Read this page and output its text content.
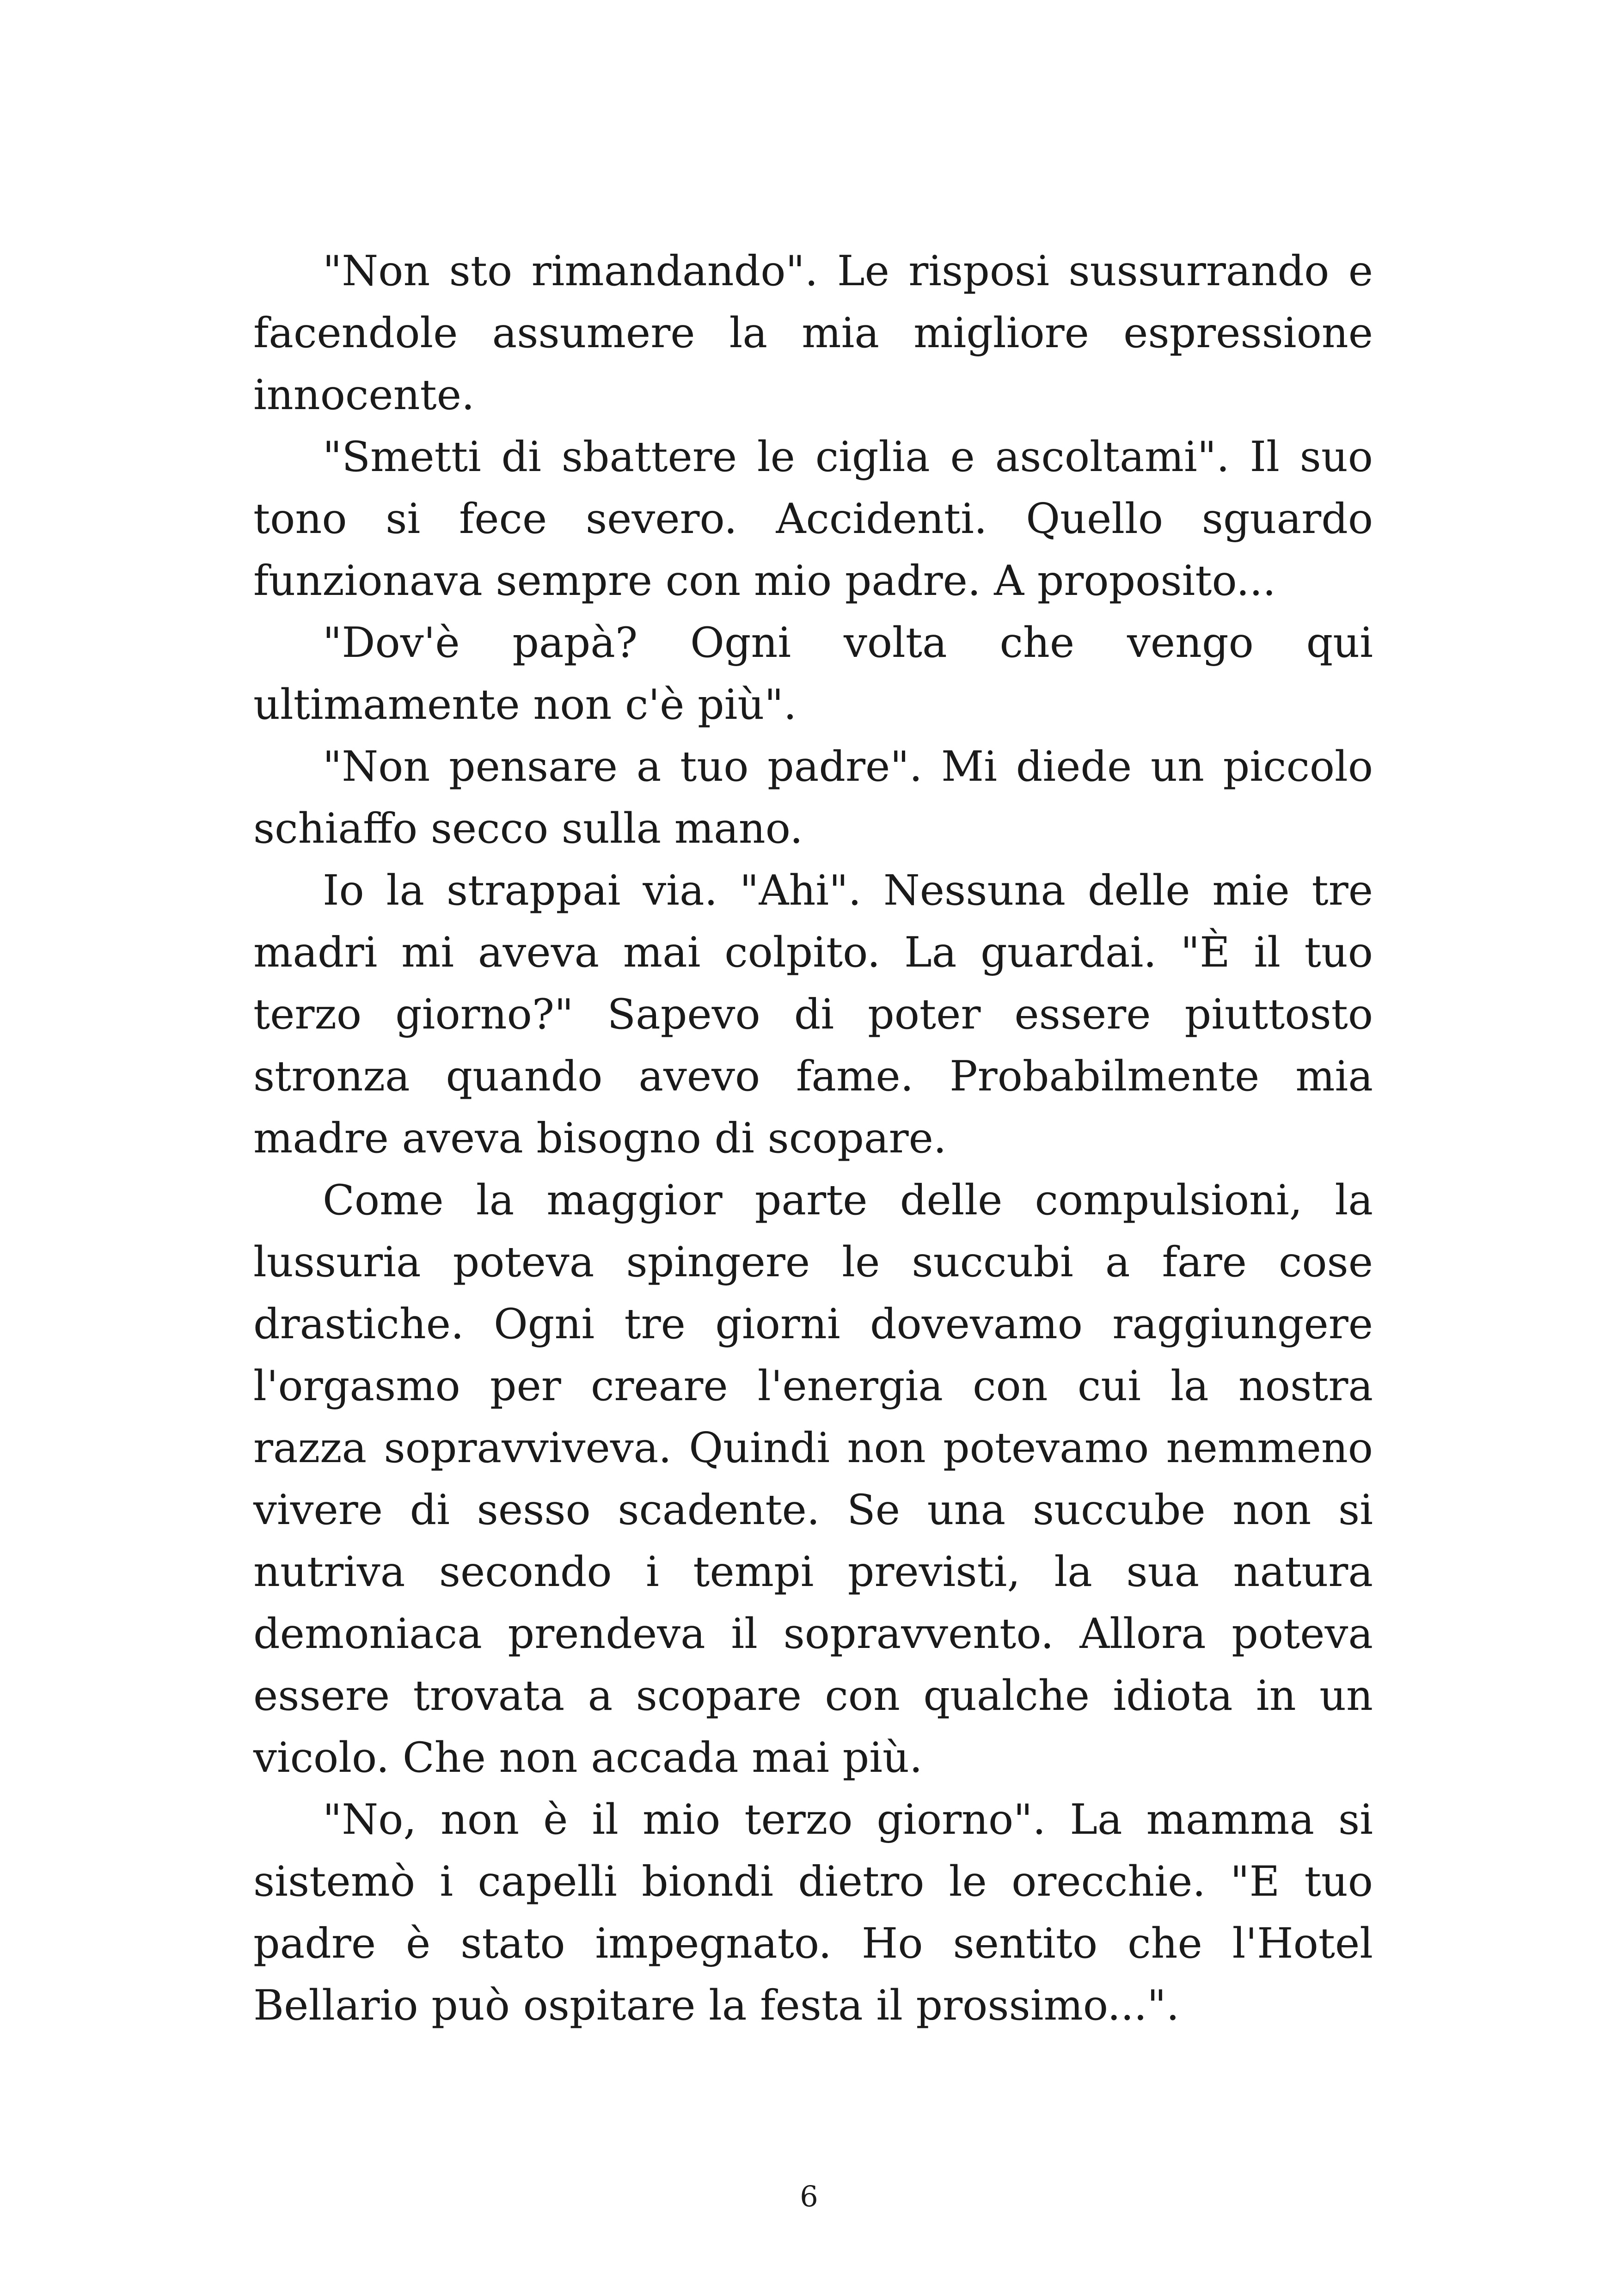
"Non sto rimandando". Le risposi sussurrando e facendole assumere la mia migliore espressione innocente.

"Smetti di sbattere le ciglia e ascoltami". Il suo tono si fece severo. Accidenti. Quello sguardo funzionava sempre con mio padre. A proposito...

"Dov'è papà? Ogni volta che vengo qui ultimamente non c'è più".

"Non pensare a tuo padre". Mi diede un piccolo schiaffo secco sulla mano.

Io la strappai via. "Ahi". Nessuna delle mie tre madri mi aveva mai colpito. La guardai. "È il tuo terzo giorno?" Sapevo di poter essere piuttosto stronza quando avevo fame. Probabilmente mia madre aveva bisogno di scopare.

Come la maggior parte delle compulsioni, la lussuria poteva spingere le succubi a fare cose drastiche. Ogni tre giorni dovevamo raggiungere l'orgasmo per creare l'energia con cui la nostra razza sopravviveva. Quindi non potevamo nemmeno vivere di sesso scadente. Se una succube non si nutriva secondo i tempi previsti, la sua natura demoniaca prendeva il sopravvento. Allora poteva essere trovata a scopare con qualche idiota in un vicolo. Che non accada mai più.

"No, non è il mio terzo giorno". La mamma si sistemò i capelli biondi dietro le orecchie. "E tuo padre è stato impegnato. Ho sentito che l'Hotel Bellario può ospitare la festa il prossimo...".

6
